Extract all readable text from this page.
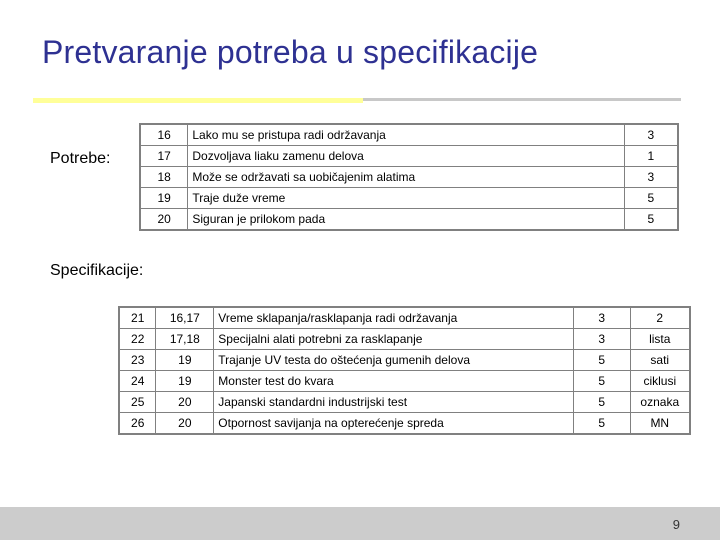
Pretvaranje potreba u specifikacije
Potrebe:
16	Lako mu se pristupa radi održavanja	3
17	Dozvoljava liaku zamenu delova	1
18	Može se održavati sa uobičajenim alatima	3
19	Traje duže vreme	5
20	Siguran je prilokom pada	5
Specifikacije:
21	16,17	Vreme sklapanja/rasklapanja radi održavanja	3	2
22	17,18	Specijalni alati potrebni za rasklapanje	3	lista
23	19	Trajanje UV testa do oštećenja gumenih delova	5	sati
24	19	Monster test do kvara	5	ciklusi
25	20	Japanski standardni industrijski test	5	oznaka
26	20	Otpornost savijanja na opterećenje spreda	5	MN
9
